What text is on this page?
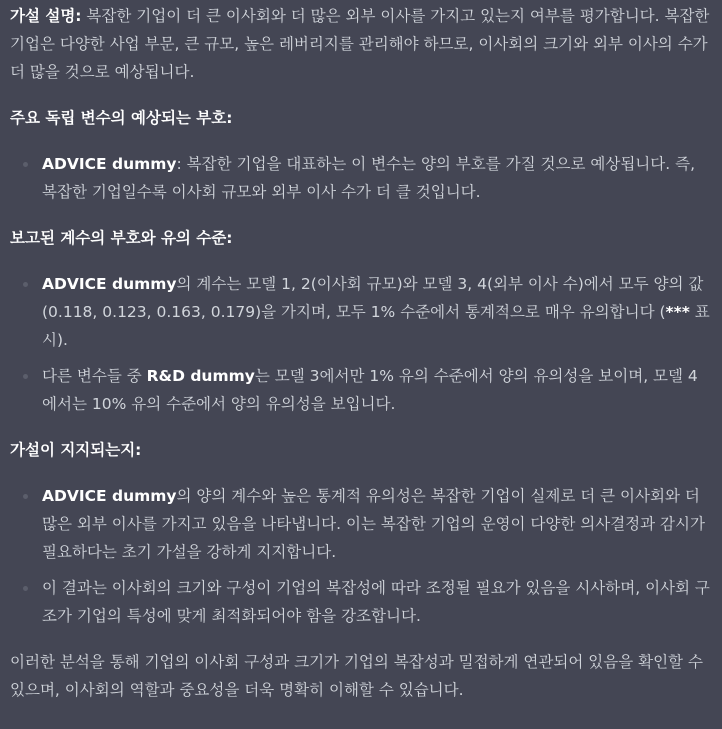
가설 설명: 복잡한 기업이 더 큰 이사회와 더 많은 외부 이사를 가지고 있는지 여부를 평가합니다. 복잡한 기업은 다양한 사업 부문, 큰 규모, 높은 레버리지를 관리해야 하므로, 이사회의 크기와 외부 이사의 수가 더 많을 것으로 예상됩니다.

주요 독립 변수의 예상되는 부호:

ADVICE dummy: 복잡한 기업을 대표하는 이 변수는 양의 부호를 가질 것으로 예상됩니다. 즉, 복잡한 기업일수록 이사회 규모와 외부 이사 수가 더 클 것입니다.

보고된 계수의 부호와 유의 수준:

ADVICE dummy의 계수는 모델 1, 2(이사회 규모)와 모델 3, 4(외부 이사 수)에서 모두 양의 값(0.118, 0.123, 0.163, 0.179)을 가지며, 모두 1% 수준에서 통계적으로 매우 유의합니다 (*** 표시).
다른 변수들 중 R&D dummy는 모델 3에서만 1% 유의 수준에서 양의 유의성을 보이며, 모델 4에서는 10% 유의 수준에서 양의 유의성을 보입니다.

가설이 지지되는지:

ADVICE dummy의 양의 계수와 높은 통계적 유의성은 복잡한 기업이 실제로 더 큰 이사회와 더 많은 외부 이사를 가지고 있음을 나타냅니다. 이는 복잡한 기업의 운영이 다양한 의사결정과 감시가 필요하다는 초기 가설을 강하게 지지합니다.
이 결과는 이사회의 크기와 구성이 기업의 복잡성에 따라 조정될 필요가 있음을 시사하며, 이사회 구조가 기업의 특성에 맞게 최적화되어야 함을 강조합니다.

이러한 분석을 통해 기업의 이사회 구성과 크기가 기업의 복잡성과 밀접하게 연관되어 있음을 확인할 수 있으며, 이사회의 역할과 중요성을 더욱 명확히 이해할 수 있습니다.
